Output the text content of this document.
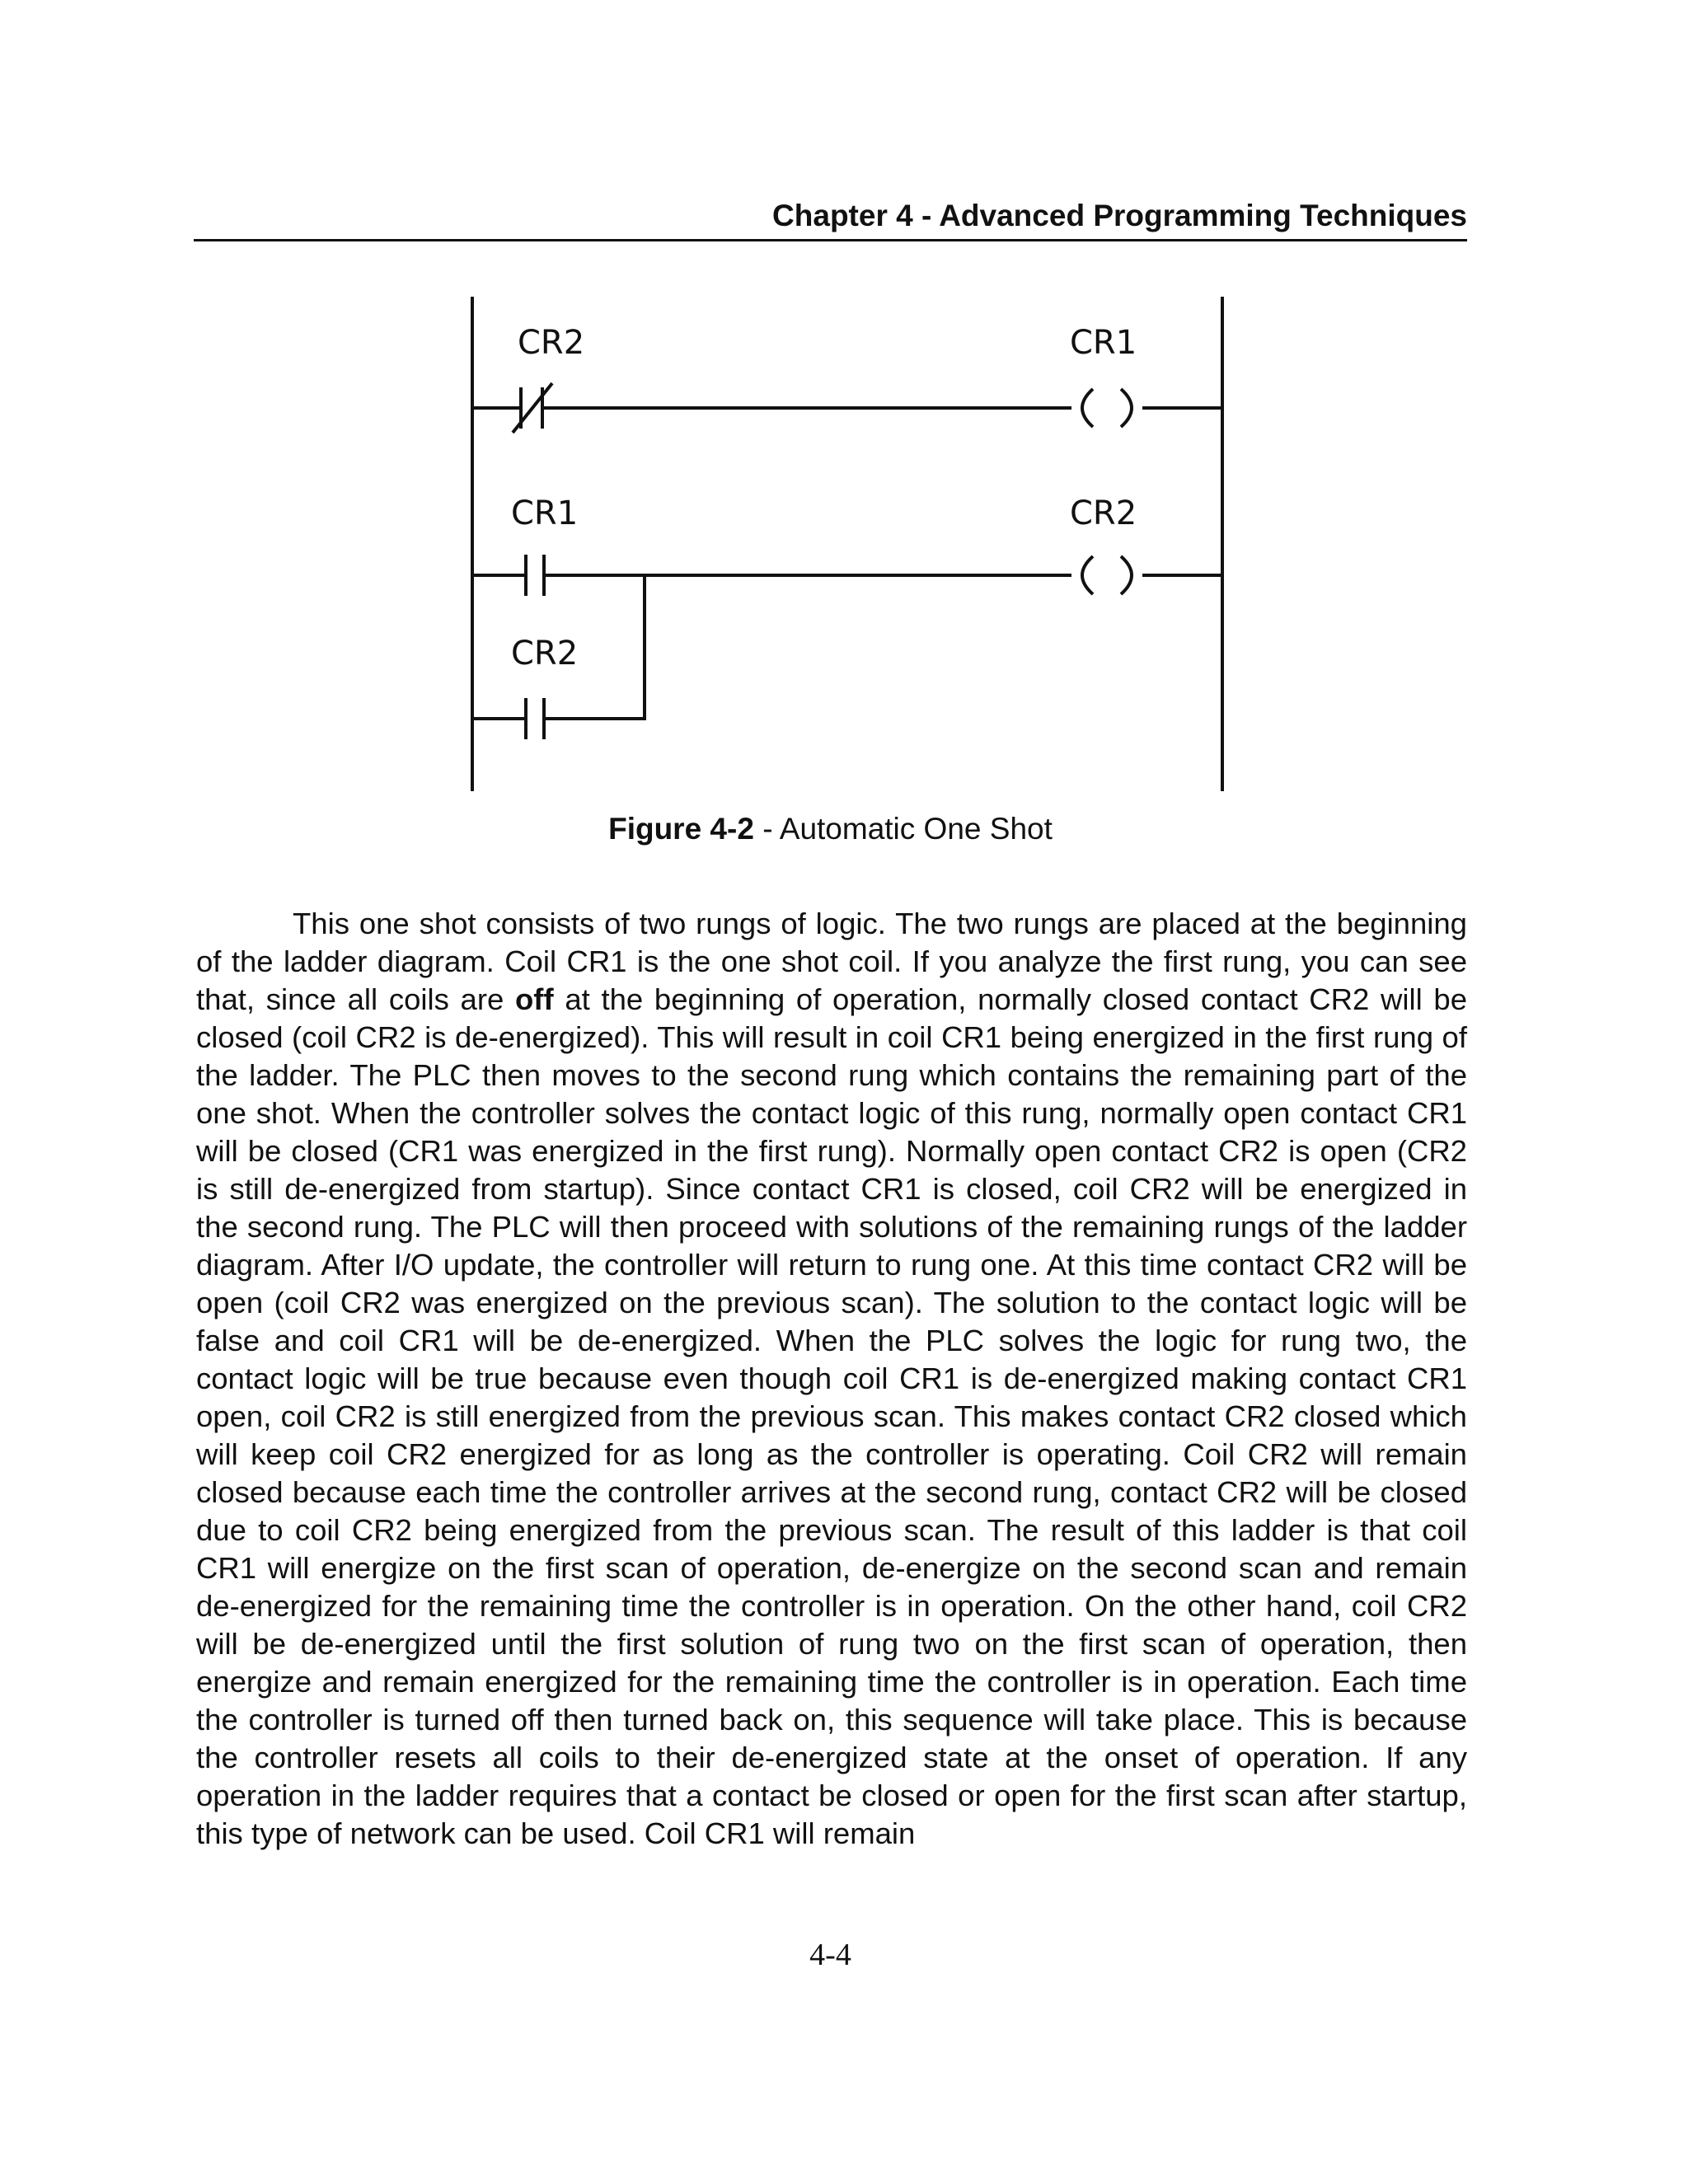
Chapter 4 - Advanced Programming Techniques
CR2	CR1
CR1	CR2
CR2
Figure 4-2 - Automatic One Shot

This one shot consists of two rungs of logic. The two rungs are placed at the beginning of the ladder diagram. Coil CR1 is the one shot coil. If you analyze the first rung, you can see that, since all coils are off at the beginning of operation, normally closed contact CR2 will be closed (coil CR2 is de-energized). This will result in coil CR1 being energized in the first rung of the ladder. The PLC then moves to the second rung which contains the remaining part of the one shot. When the controller solves the contact logic of this rung, normally open contact CR1 will be closed (CR1 was energized in the first rung). Normally open contact CR2 is open (CR2 is still de-energized from startup). Since contact CR1 is closed, coil CR2 will be energized in the second rung. The PLC will then proceed with solutions of the remaining rungs of the ladder diagram. After I/O update, the controller will return to rung one. At this time contact CR2 will be open (coil CR2 was energized on the previous scan). The solution to the contact logic will be false and coil CR1 will be de-energized. When the PLC solves the logic for rung two, the contact logic will be true because even though coil CR1 is de-energized making contact CR1 open, coil CR2 is still energized from the previous scan. This makes contact CR2 closed which will keep coil CR2 energized for as long as the controller is operating. Coil CR2 will remain closed because each time the controller arrives at the second rung, contact CR2 will be closed due to coil CR2 being energized from the previous scan. The result of this ladder is that coil CR1 will energize on the first scan of operation, de-energize on the second scan and remain de-energized for the remaining time the controller is in operation. On the other hand, coil CR2 will be de-energized until the first solution of rung two on the first scan of operation, then energize and remain energized for the remaining time the controller is in operation. Each time the controller is turned off then turned back on, this sequence will take place. This is because the controller resets all coils to their de-energized state at the onset of operation. If any operation in the ladder requires that a contact be closed or open for the first scan after startup, this type of network can be used. Coil CR1 will remain

4-4
